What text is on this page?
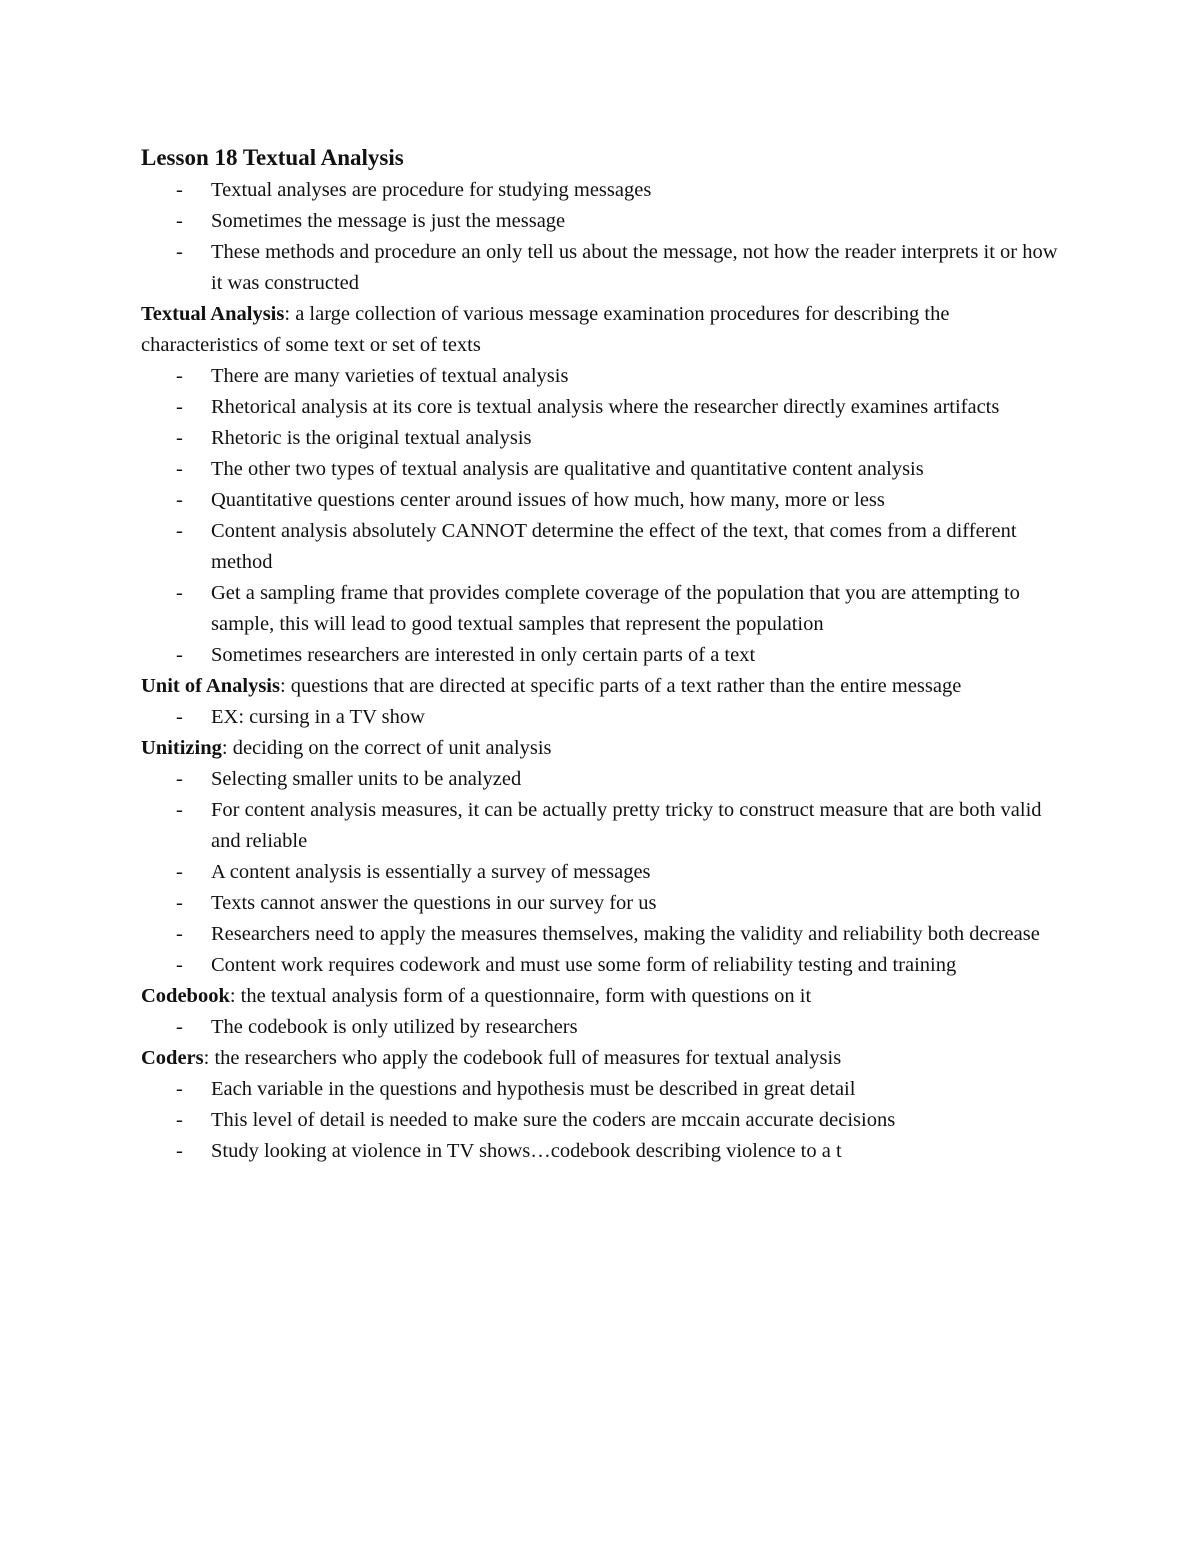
Lesson 18 Textual Analysis
- Textual analyses are procedure for studying messages
- Sometimes the message is just the message
- These methods and procedure an only tell us about the message, not how the reader interprets it or how it was constructed

Textual Analysis: a large collection of various message examination procedures for describing the characteristics of some text or set of texts

- There are many varieties of textual analysis
- Rhetorical analysis at its core is textual analysis where the researcher directly examines artifacts
- Rhetoric is the original textual analysis
- The other two types of textual analysis are qualitative and quantitative content analysis
- Quantitative questions center around issues of how much, how many, more or less
- Content analysis absolutely CANNOT determine the effect of the text, that comes from a different method
- Get a sampling frame that provides complete coverage of the population that you are attempting to sample, this will lead to good textual samples that represent the population
- Sometimes researchers are interested in only certain parts of a text

Unit of Analysis: questions that are directed at specific parts of a text rather than the entire message

- EX: cursing in a TV show

Unitizing: deciding on the correct of unit analysis

- Selecting smaller units to be analyzed
- For content analysis measures, it can be actually pretty tricky to construct measure that are both valid and reliable
- A content analysis is essentially a survey of messages
- Texts cannot answer the questions in our survey for us
- Researchers need to apply the measures themselves, making the validity and reliability both decrease
- Content work requires codework and must use some form of reliability testing and training

Codebook: the textual analysis form of a questionnaire, form with questions on it

- The codebook is only utilized by researchers

Coders: the researchers who apply the codebook full of measures for textual analysis

- Each variable in the questions and hypothesis must be described in great detail
- This level of detail is needed to make sure the coders are mccain accurate decisions
- Study looking at violence in TV shows…codebook describing violence to a t
